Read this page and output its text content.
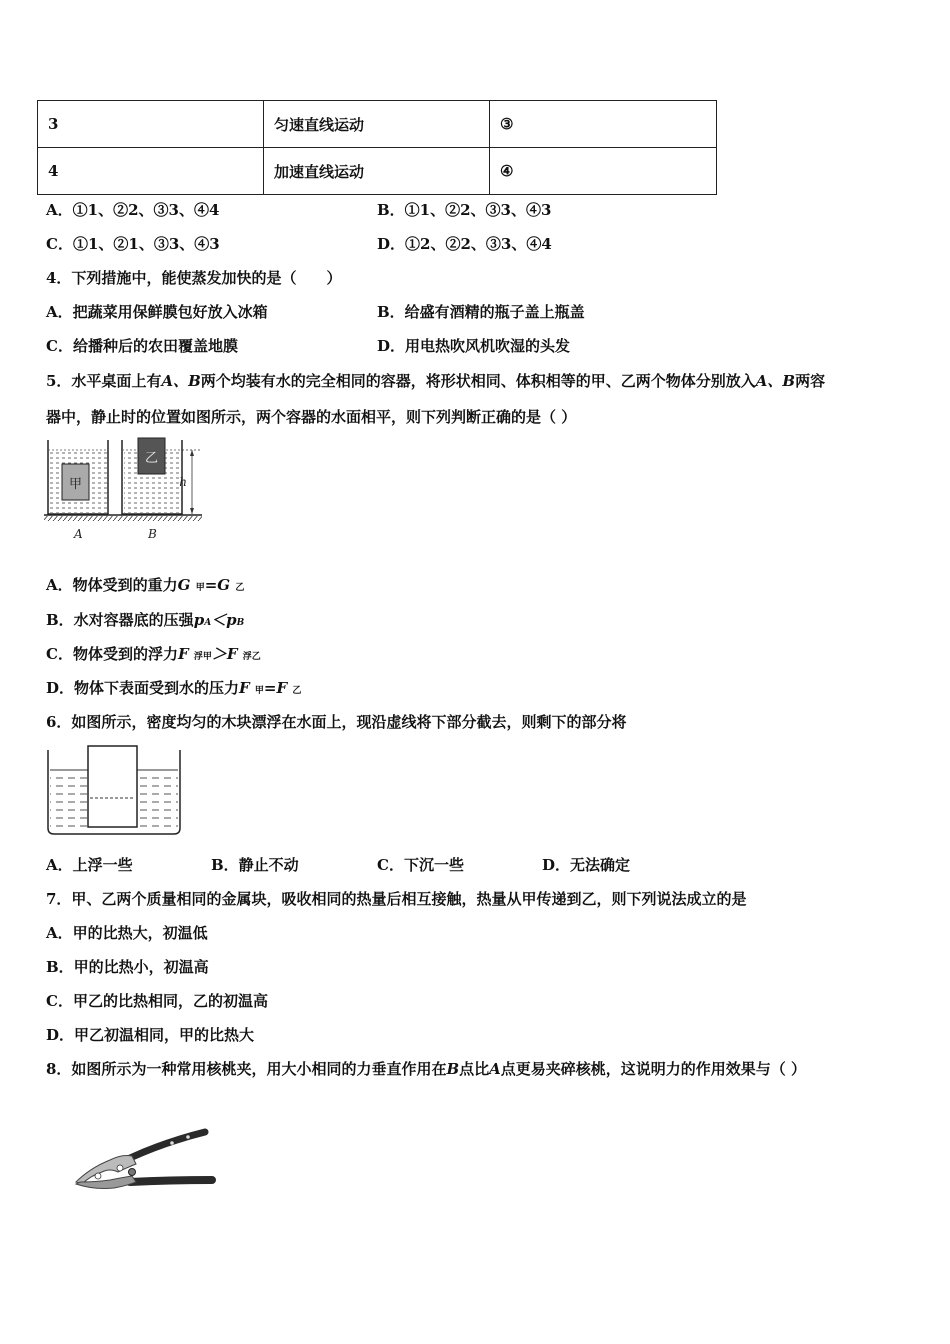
3	匀速直线运动	③
4	加速直线运动	④
A．①1、②2、③3、④4	B．①1、②2、③3、④3
C．①1、②1、③3、④3	D．①2、②2、③3、④4
4．下列措施中，能使蒸发加快的是（　　）
A．把蔬菜用保鲜膜包好放入冰箱	B．给盛有酒精的瓶子盖上瓶盖
C．给播种后的农田覆盖地膜	D．用电热吹风机吹湿的头发
5．水平桌面上有A、B两个均装有水的完全相同的容器，将形状相同、体积相等的甲、乙两个物体分别放入A、B两容
器中，静止时的位置如图所示，两个容器的水面相平，则下列判断正确的是（ ）
甲
乙
h
A	B
A．物体受到的重力G 甲=G 乙
B．水对容器底的压强pA＜pB
C．物体受到的浮力F 浮甲＞F 浮乙
D．物体下表面受到水的压力F 甲=F 乙
6．如图所示，密度均匀的木块漂浮在水面上，现沿虚线将下部分截去，则剩下的部分将
A．上浮一些	B．静止不动	C．下沉一些	D．无法确定
7．甲、乙两个质量相同的金属块，吸收相同的热量后相互接触，热量从甲传递到乙，则下列说法成立的是
A．甲的比热大，初温低
B．甲的比热小，初温高
C．甲乙的比热相同，乙的初温高
D．甲乙初温相同，甲的比热大
8．如图所示为一种常用核桃夹，用大小相同的力垂直作用在B点比A点更易夹碎核桃，这说明力的作用效果与（ ）
